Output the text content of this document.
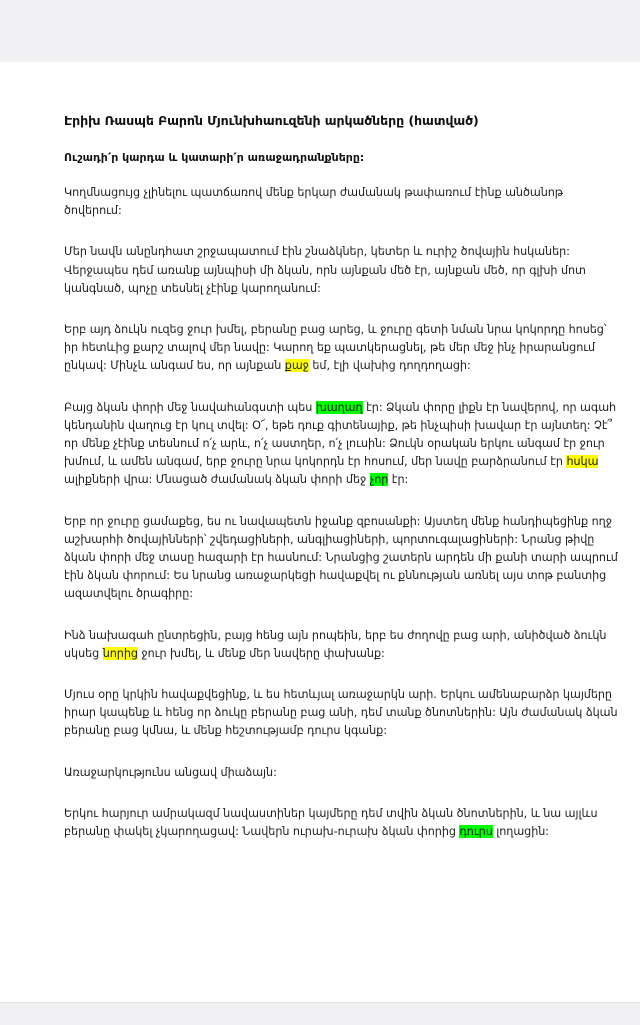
Էրիխ Ռասպե Բարոն Մյունխհաուզենի արկածները (հատված)
Ուշադի՛ր կարդա և կատարի՛ր առաջադրանքները:

Կողմնացույց չլինելու պատճառով մենք երկար ժամանակ թափառում էինք անծանոթ ծովերում:

Մեր նավն անընդհատ շրջապատում էին շնաձկներ, կետեր և ուրիշ ծովային հսկաներ: Վերջապես դեմ առանք այնպիսի մի ձկան, որն այնքան մեծ էր, այնքան մեծ, որ գլխի մոտ կանգնած, պոչը տեսնել չէինք կարողանում:

Երբ այդ ձուկն ուզեց ջուր խմել, բերանը բաց արեց, և ջուրը գետի նման նրա կոկորդը հոսեց՝ իր հետևից քարշ տալով մեր նավը: Կարող եք պատկերացնել, թե մեր մեջ ինչ իրարանցում ընկավ: Մինչև անգամ ես, որ այնքան քաջ եմ, էլի վախից դողդողացի:

Բայց ձկան փորի մեջ նավահանգստի պես խաղաղ էր: Ձկան փորը լիքն էր նավերով, որ ագահ կենդանին վաղուց էր կուլ տվել: Օ՜, եթե դուք գիտենայիք, թե ինչպիսի խավար էր այնտեղ: Չէ՞ որ մենք չէինք տեսնում ո՛չ արև, ո՛չ աստղեր, ո՛չ լուսին: Ձուկն օրական երկու անգամ էր ջուր խմում, և ամեն անգամ, երբ ջուրը նրա կոկորդն էր հոսում, մեր նավը բարձրանում էր հսկա ալիքների վրա: Մնացած ժամանակ ձկան փորի մեջ չոր էր:

Երբ որ ջուրը ցամաքեց, ես ու նավապետն իջանք զբոսանքի: Այստեղ մենք հանդիպեցինք ողջ աշխարհի ծովայինների՝ շվեդացիների, անգլիացիների, պորտուգալացիների: Նրանց թիվը ձկան փորի մեջ տասը հազարի էր հասնում: Նրանցից շատերն արդեն մի քանի տարի ապրում էին ձկան փորում: Ես նրանց առաջարկեցի հավաքվել ու քննության առնել այս տոթ բանտից ազատվելու ծրագիրը:

Ինձ նախագահ ընտրեցին, բայց հենց այն րոպեին, երբ ես ժողովը բաց արի, անիծված ձուկն սկսեց նորից ջուր խմել, և մենք մեր նավերը փախանք:

Մյուս օրը կրկին հավաքվեցինք, և ես հետևյալ առաջարկն արի. Երկու ամենաբարձր կայմերը իրար կապենք և հենց որ ձուկը բերանը բաց անի, դեմ տանք ծնոտներին: Այն ժամանակ ձկան բերանը բաց կմնա, և մենք հեշտությամբ դուրս կգանք:

Առաջարկությունս անցավ միաձայն:

Երկու հարյուր ամրակազմ նավաստիներ կայմերը դեմ տվին ձկան ծնոտներին, և նա այլևս բերանը փակել չկարողացավ: Նավերն ուրախ-ուրախ ձկան փորից դուրս լողացին:
